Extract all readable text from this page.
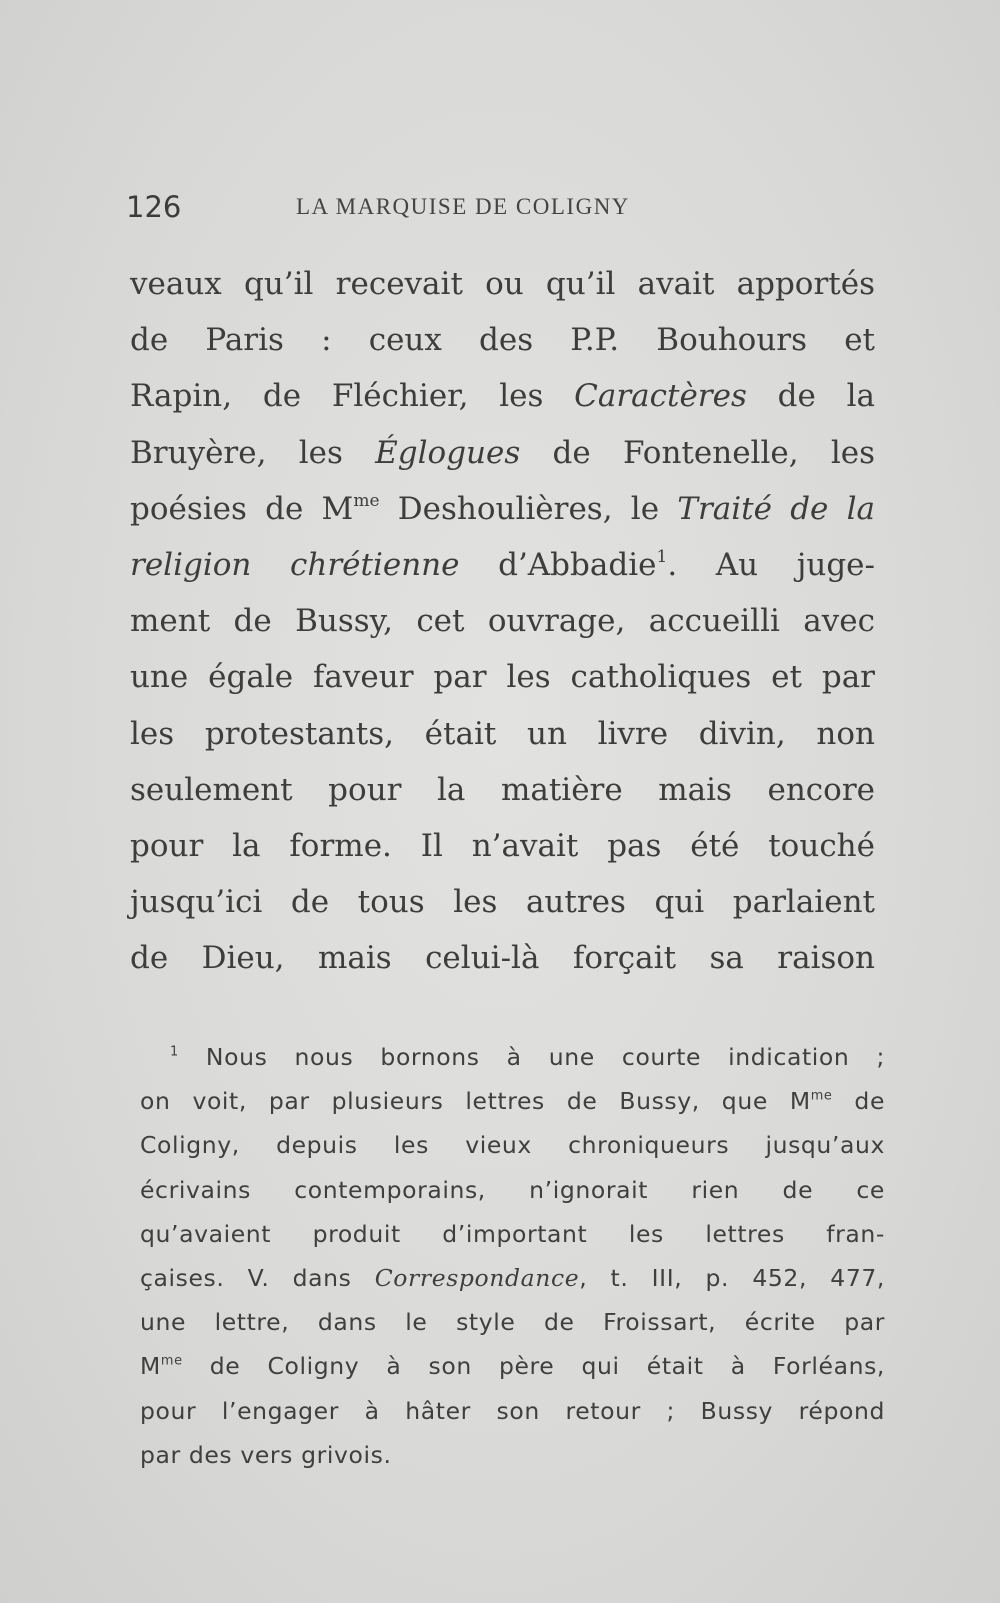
126	LA MARQUISE DE COLIGNY
veaux qu’il recevait ou qu’il avait apportés
de Paris : ceux des P.P. Bouhours et
Rapin, de Fléchier, les Caractères de la
Bruyère, les Églogues de Fontenelle, les
poésies de $M^{me}$ Deshoulières, le Traité de la
religion chrétienne d’Abbadie$^1$. Au juge-
ment de Bussy, cet ouvrage, accueilli avec
une égale faveur par les catholiques et par
les protestants, était un livre divin, non
seulement pour la matière mais encore
pour la forme. Il n’avait pas été touché
jusqu’ici de tous les autres qui parlaient
de Dieu, mais celui-là forçait sa raison
$^1$ Nous nous bornons à une courte indication ;
on voit, par plusieurs lettres de Bussy, que $M^{me}$ de
Coligny, depuis les vieux chroniqueurs jusqu’aux
écrivains contemporains, n’ignorait rien de ce
qu’avaient produit d’important les lettres fran-
çaises. V. dans Correspondance, t. III, p. 452, 477,
une lettre, dans le style de Froissart, écrite par
$M^{me}$ de Coligny à son père qui était à Forléans,
pour l’engager à hâter son retour ; Bussy répond
par des vers grivois.
